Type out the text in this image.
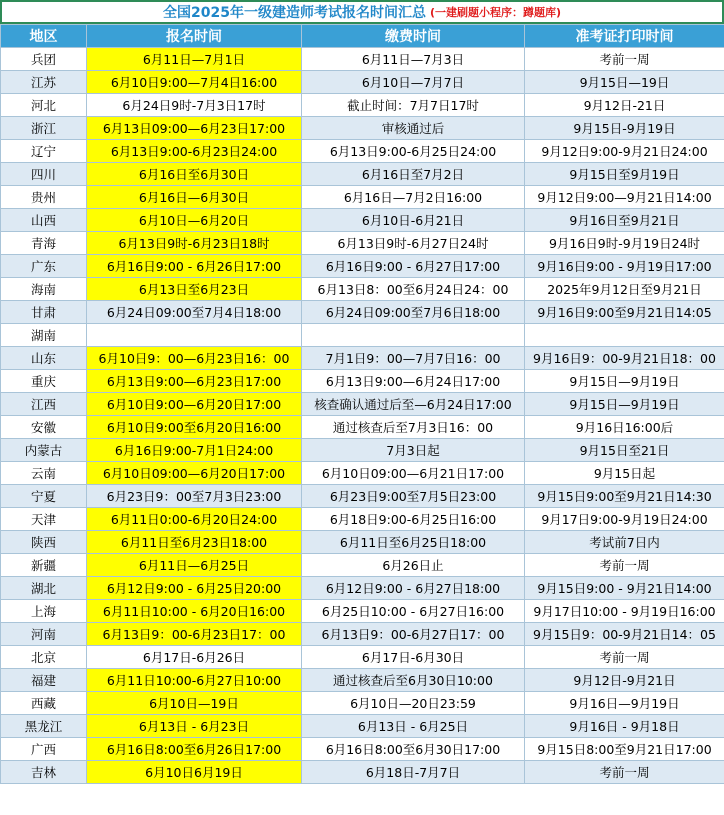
全国2025年一级建造师考试报名时间汇总 (一建刷题小程序：蹲题库)
地区	报名时间	缴费时间	准考证打印时间
兵团	6月11日—7月1日	6月11日—7月3日	考前一周
江苏	6月10日9:00—7月4日16:00	6月10日—7月7日	9月15日—19日
河北	6月24日9时-7月3日17时	截止时间：7月7日17时	9月12日-21日
浙江	6月13日09:00—6月23日17:00	审核通过后	9月15日-9月19日
辽宁	6月13日9:00-6月23日24:00	6月13日9:00-6月25日24:00	9月12日9:00-9月21日24:00
四川	6月16日至6月30日	6月16日至7月2日	9月15日至9月19日
贵州	6月16日—6月30日	6月16日—7月2日16:00	9月12日9:00—9月21日14:00
山西	6月10日—6月20日	6月10日-6月21日	9月16日至9月21日
青海	6月13日9时-6月23日18时	6月13日9时-6月27日24时	9月16日9时-9月19日24时
广东	6月16日9:00 - 6月26日17:00	6月16日9:00 - 6月27日17:00	9月16日9:00 - 9月19日17:00
海南	6月13日至6月23日	6月13日8：00至6月24日24：00	2025年9月12日至9月21日
甘肃	6月24日09:00至7月4日18:00	6月24日09:00至7月6日18:00	9月16日9:00至9月21日14:05
湖南			
山东	6月10日9：00—6月23日16：00	7月1日9：00—7月7日16：00	9月16日9：00-9月21日18：00
重庆	6月13日9:00—6月23日17:00	6月13日9:00—6月24日17:00	9月15日—9月19日
江西	6月10日9:00—6月20日17:00	核查确认通过后至—6月24日17:00	9月15日—9月19日
安徽	6月10日9:00至6月20日16:00	通过核查后至7月3日16：00	9月16日16:00后
内蒙古	6月16日9:00-7月1日24:00	7月3日起	9月15日至21日
云南	6月10日09:00—6月20日17:00	6月10日09:00—6月21日17:00	9月15日起
宁夏	6月23日9：00至7月3日23:00	6月23日9:00至7月5日23:00	9月15日9:00至9月21日14:30
天津	6月11日0:00-6月20日24:00	6月18日9:00-6月25日16:00	9月17日9:00-9月19日24:00
陕西	6月11日至6月23日18:00	6月11日至6月25日18:00	考试前7日内
新疆	6月11日—6月25日	6月26日止	考前一周
湖北	6月12日9:00 - 6月25日20:00	6月12日9:00 - 6月27日18:00	9月15日9:00 - 9月21日14:00
上海	6月11日10:00 - 6月20日16:00	6月25日10:00 - 6月27日16:00	9月17日10:00 - 9月19日16:00
河南	6月13日9：00-6月23日17：00	6月13日9：00-6月27日17：00	9月15日9：00-9月21日14：05
北京	6月17日-6月26日	6月17日-6月30日	考前一周
福建	6月11日10:00-6月27日10:00	通过核查后至6月30日10:00	9月12日-9月21日
西藏	6月10日—19日	6月10日—20日23:59	9月16日—9月19日
黑龙江	6月13日 - 6月23日	6月13日 - 6月25日	9月16日 - 9月18日
广西	6月16日8:00至6月26日17:00	6月16日8:00至6月30日17:00	9月15日8:00至9月21日17:00
吉林	6月10日6月19日	6月18日-7月7日	考前一周
